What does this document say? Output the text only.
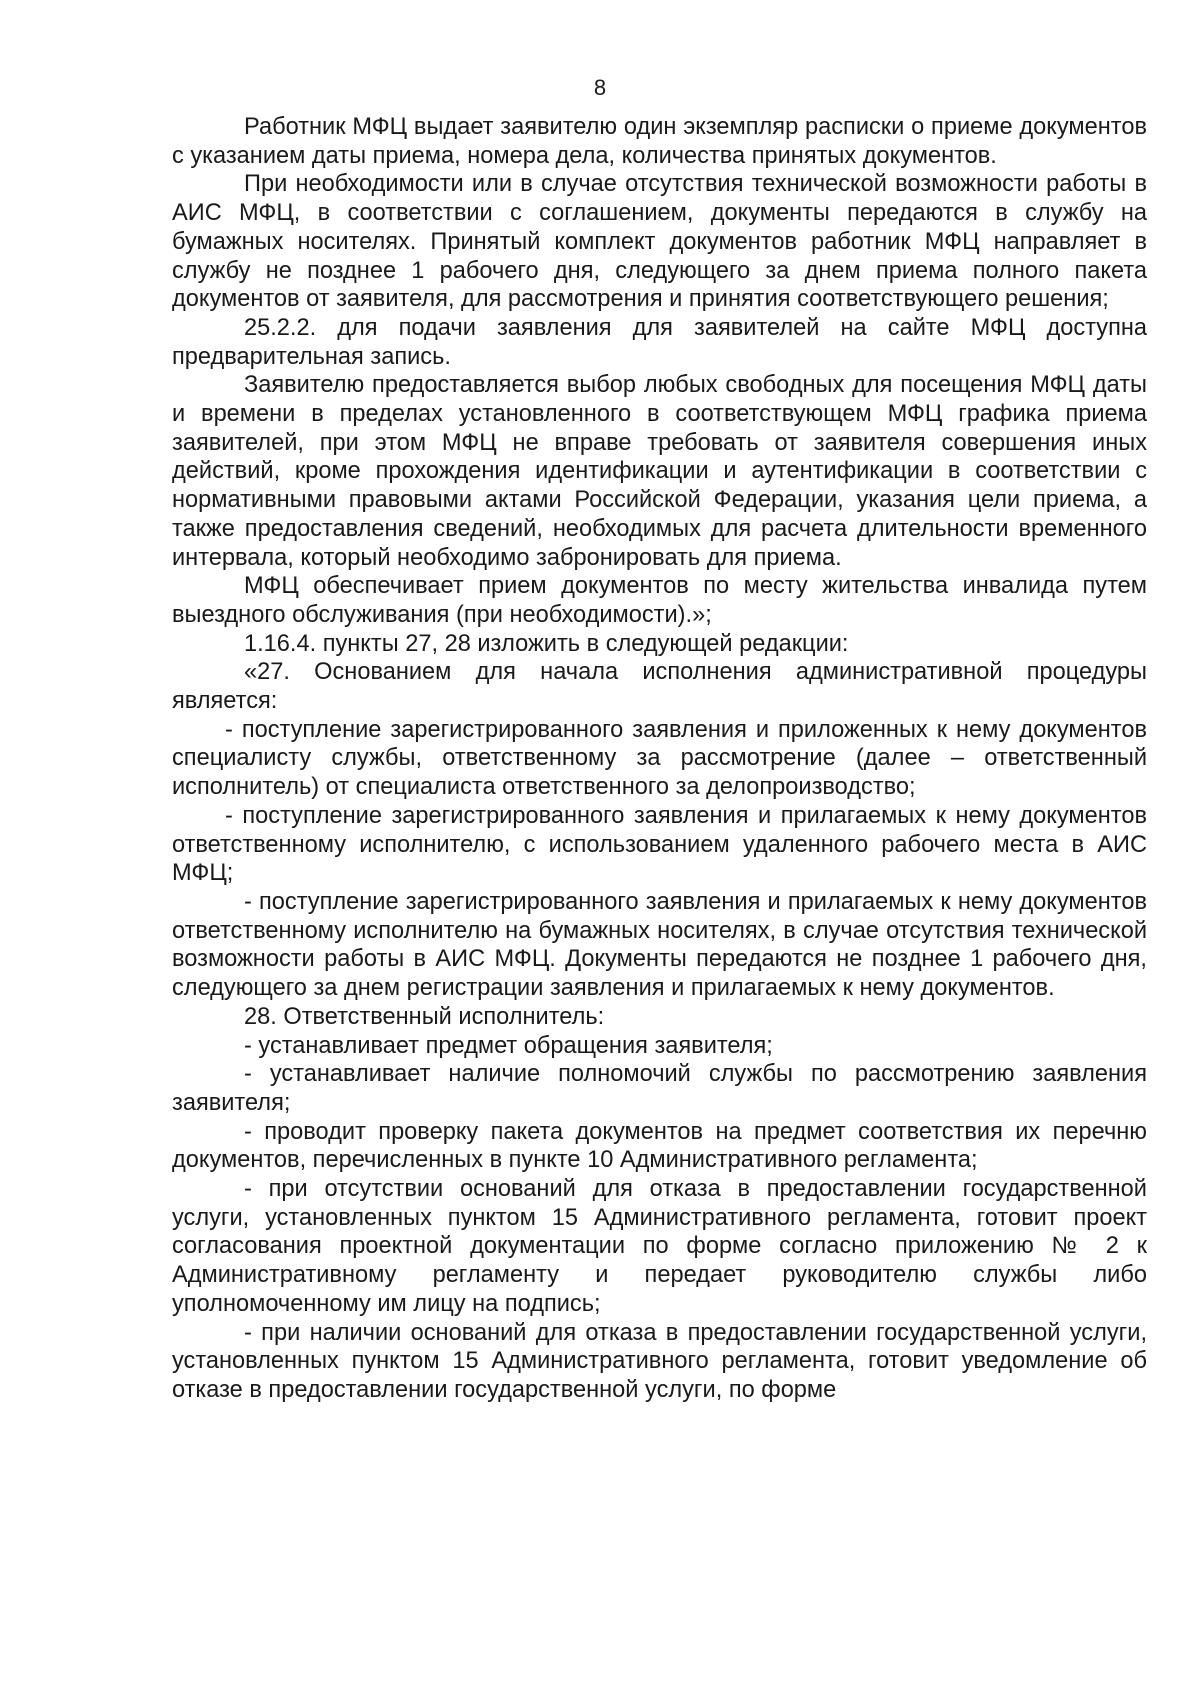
8

Работник МФЦ выдает заявителю один экземпляр расписки о приеме документов с указанием даты приема, номера дела, количества принятых документов.

При необходимости или в случае отсутствия технической возможности работы в АИС МФЦ, в соответствии с соглашением, документы передаются в службу на бумажных носителях. Принятый комплект документов работник МФЦ направляет в службу не позднее 1 рабочего дня, следующего за днем приема полного пакета документов от заявителя, для рассмотрения и принятия соответствующего решения;

25.2.2. для подачи заявления для заявителей на сайте МФЦ доступна предварительная запись.

Заявителю предоставляется выбор любых свободных для посещения МФЦ даты и времени в пределах установленного в соответствующем МФЦ графика приема заявителей, при этом МФЦ не вправе требовать от заявителя совершения иных действий, кроме прохождения идентификации и аутентификации в соответствии с нормативными правовыми актами Российской Федерации, указания цели приема, а также предоставления сведений, необходимых для расчета длительности временного интервала, который необходимо забронировать для приема.

МФЦ обеспечивает прием документов по месту жительства инвалида путем выездного обслуживания (при необходимости).»;

1.16.4. пункты 27, 28 изложить в следующей редакции:

«27. Основанием для начала исполнения административной процедуры является:

- поступление зарегистрированного заявления и приложенных к нему документов специалисту службы, ответственному за рассмотрение (далее – ответственный исполнитель) от специалиста ответственного за делопроизводство;

- поступление зарегистрированного заявления и прилагаемых к нему документов ответственному исполнителю, с использованием удаленного рабочего места в АИС МФЦ;

- поступление зарегистрированного заявления и прилагаемых к нему документов ответственному исполнителю на бумажных носителях, в случае отсутствия технической возможности работы в АИС МФЦ. Документы передаются не позднее 1 рабочего дня, следующего за днем регистрации заявления и прилагаемых к нему документов.

28. Ответственный исполнитель:

- устанавливает предмет обращения заявителя;

- устанавливает наличие полномочий службы по рассмотрению заявления заявителя;

- проводит проверку пакета документов на предмет соответствия их перечню документов, перечисленных в пункте 10 Административного регламента;

- при отсутствии оснований для отказа в предоставлении государственной услуги, установленных пунктом 15 Административного регламента, готовит проект согласования проектной документации по форме согласно приложению № 2 к Административному регламенту и передает руководителю службы либо уполномоченному им лицу на подпись;

- при наличии оснований для отказа в предоставлении государственной услуги, установленных пунктом 15 Административного регламента, готовит уведомление об отказе в предоставлении государственной услуги, по форме
